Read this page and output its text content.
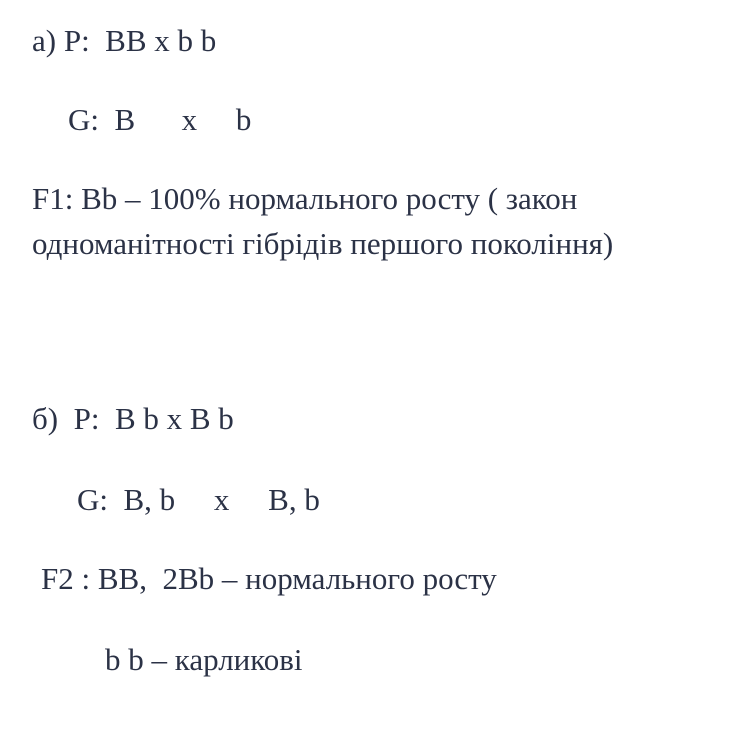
а) P:  BB x b b
G:  B      x     b
F1: Bb – 100% нормального росту ( закон одноманітності гібрідів першого покоління)
б)  P:  B b x B b
G:  B, b     x     B, b
F2 : BB,  2Bb – нормального росту
b b – карликові
